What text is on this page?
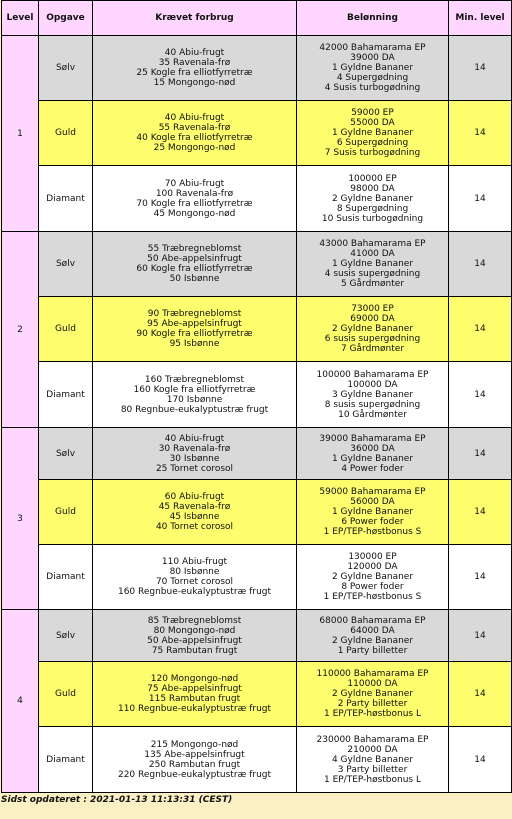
Level	Opgave	Krævet forbrug	Belønning	Min. level
1	Sølv	40 Abiu-frugt
35 Ravenala-frø
25 Kogle fra elliotfyrretræ
15 Mongongo-nød	42000 Bahamarama EP
39000 DA
1 Gyldne Bananer
4 Supergødning
4 Susis turbogødning	14
	Guld	40 Abiu-frugt
55 Ravenala-frø
40 Kogle fra elliotfyrretræ
25 Mongongo-nød	59000 EP
55000 DA
1 Gyldne Bananer
6 Supergødning
7 Susis turbogødning	14
	Diamant	70 Abiu-frugt
100 Ravenala-frø
70 Kogle fra elliotfyrretræ
45 Mongongo-nød	100000 EP
98000 DA
2 Gyldne Bananer
8 Supergødning
10 Susis turbogødning	14
2	Sølv	55 Træbregneblomst
50 Abe-appelsinfrugt
60 Kogle fra elliotfyrretræ
50 Isbønne	43000 Bahamarama EP
41000 DA
1 Gyldne Bananer
4 susis supergødning
5 Gårdmønter	14
	Guld	90 Træbregneblomst
95 Abe-appelsinfrugt
90 Kogle fra elliotfyrretræ
95 Isbønne	73000 EP
69000 DA
2 Gyldne Bananer
6 susis supergødning
7 Gårdmønter	14
	Diamant	160 Træbregneblomst
160 Kogle fra elliotfyrretræ
170 Isbønne
80 Regnbue-eukalyptustræ frugt	100000 Bahamarama EP
100000 DA
3 Gyldne Bananer
8 susis supergødning
10 Gårdmønter	14
3	Sølv	40 Abiu-frugt
30 Ravenala-frø
30 Isbønne
25 Tornet corosol	39000 Bahamarama EP
36000 DA
1 Gyldne Bananer
4 Power foder	14
	Guld	60 Abiu-frugt
45 Ravenala-frø
45 Isbønne
40 Tornet corosol	59000 Bahamarama EP
56000 DA
1 Gyldne Bananer
6 Power foder
1 EP/TEP-høstbonus S	14
	Diamant	110 Abiu-frugt
80 Isbønne
70 Tornet corosol
160 Regnbue-eukalyptustræ frugt	130000 EP
120000 DA
2 Gyldne Bananer
8 Power foder
1 EP/TEP-høstbonus S	14
4	Sølv	85 Træbregneblomst
80 Mongongo-nød
50 Abe-appelsinfrugt
75 Rambutan frugt	68000 Bahamarama EP
64000 DA
2 Gyldne Bananer
1 Party billetter	14
	Guld	120 Mongongo-nød
75 Abe-appelsinfrugt
115 Rambutan frugt
110 Regnbue-eukalyptustræ frugt	110000 Bahamarama EP
110000 DA
2 Gyldne Bananer
2 Party billetter
1 EP/TEP-høstbonus L	14
	Diamant	215 Mongongo-nød
135 Abe-appelsinfrugt
250 Rambutan frugt
220 Regnbue-eukalyptustræ frugt	230000 Bahamarama EP
210000 DA
4 Gyldne Bananer
3 Party billetter
1 EP/TEP-høstbonus L	14
Sidst opdateret : 2021-01-13 11:13:31 (CEST)
